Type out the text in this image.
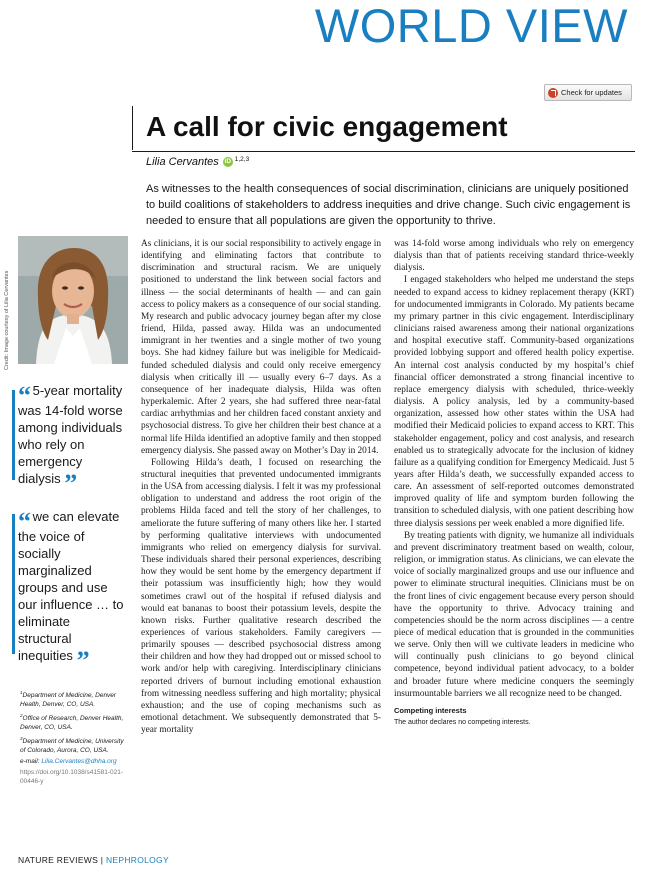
WORLD VIEW
Check for updates
A call for civic engagement
Lilia Cervantes iD $^{1,2,3}$

As witnesses to the health consequences of social discrimination, clinicians are uniquely positioned to build coalitions of stakeholders to address inequities and drive change. Such civic engagement is needed to ensure that all populations are given the opportunity to thrive.

Credit: Image courtesy of Lilia Cervantes
“ 5-year mortality was 14-fold worse among individuals who rely on emergency dialysis ”
“ we can elevate the voice of socially marginalized groups and use our influence … to eliminate structural inequities ”

$^1$Department of Medicine, Denver Health, Denver, CO, USA.

$^2$Office of Research, Denver Health, Denver, CO, USA.

$^3$Department of Medicine, University of Colorado, Aurora, CO, USA.

e-mail: Lilia.Cervantes@dhha.org

https://doi.org/10.1038/s41581-021-00446-y

As clinicians, it is our social responsibility to actively engage in identifying and eliminating factors that contribute to discrimination and structural racism. We are uniquely positioned to understand the link between social factors and illness — the social determinants of health — and can gain access to policy makers as a consequence of our social standing. My research and public advocacy journey began after my close friend, Hilda, passed away. Hilda was an undocumented immigrant in her twenties and a single mother of two young boys. She had kidney failure but was ineligible for Medicaid-funded scheduled dialysis and could only receive emergency dialysis when critically ill — usually every 6–7 days. As a consequence of her inadequate dialysis, Hilda was often hyperkalemic. After 2 years, she had suffered three near-fatal cardiac arrhythmias and her children faced constant anxiety and psychosocial distress. To give her children their best chance at a normal life Hilda identified an adoptive family and then stopped emergency dialysis. She passed away on Mother’s Day in 2014.

Following Hilda’s death, I focused on researching the structural inequities that prevented undocumented immigrants in the USA from accessing dialysis. I felt it was my professional obligation to understand and address the root origin of the problems Hilda faced and tell the story of her challenges, to ameliorate the future suffering of many others like her. I started by performing qualitative interviews with undocumented immigrants who relied on emergency dialysis for survival. These individuals shared their personal experiences, describing how they would be sent home by the emergency department if their potassium was insufficiently high; how they would sometimes crawl out of the hospital if refused dialysis and would eat bananas to boost their potassium levels, despite the known risks. Further qualitative research described the experiences of various stakeholders. Family caregivers — primarily spouses — described psychosocial distress among their children and how they had dropped out or missed school to work and/or help with caregiving. Interdisciplinary clinicians reported drivers of burnout including emotional exhaustion from witnessing needless suffering and high mortality; physical exhaustion; and the use of coping mechanisms such as emotional detachment. We subsequently demonstrated that 5-year mortality

was 14-fold worse among individuals who rely on emergency dialysis than that of patients receiving standard thrice-weekly dialysis.

I engaged stakeholders who helped me understand the steps needed to expand access to kidney replacement therapy (KRT) for undocumented immigrants in Colorado. My patients became my primary partner in this civic engagement. Interdisciplinary clinicians raised awareness among their national organizations and hospital executive staff. Community-based organizations provided lobbying support and offered health policy expertise. An internal cost analysis conducted by my hospital’s chief financial officer demonstrated a strong financial incentive to replace emergency dialysis with scheduled, thrice-weekly dialysis. A policy analysis, led by a community-based organization, assessed how other states within the USA had modified their Medicaid policies to expand access to KRT. This stakeholder engagement, policy and cost analysis, and research enabled us to strategically advocate for the inclusion of kidney failure as a qualifying condition for Emergency Medicaid. Just 5 years after Hilda’s death, we successfully expanded access to care. An assessment of self-reported outcomes demonstrated improved quality of life and symptom burden following the transition to scheduled dialysis, with one patient describing how three dialysis sessions per week enabled a more dignified life.

By treating patients with dignity, we humanize all individuals and prevent discriminatory treatment based on wealth, colour, religion, or immigration status. As clinicians, we can elevate the voice of socially marginalized groups and use our influence and power to eliminate structural inequities. Clinicians must be on the front lines of civic engagement because every person should have the opportunity to thrive. Advocacy training and competencies should be the norm across disciplines — a centre piece of medical education that is grounded in the communities we serve. Only then will we cultivate leaders in medicine who will continually push clinicians to go beyond clinical competence, beyond individual patient advocacy, to a bolder and broader future where medicine conquers the seemingly insurmountable barriers we all recognize need to be changed.

Competing interests
The author declares no competing interests.
NATURE REVIEWS | NEPHROLOGY
